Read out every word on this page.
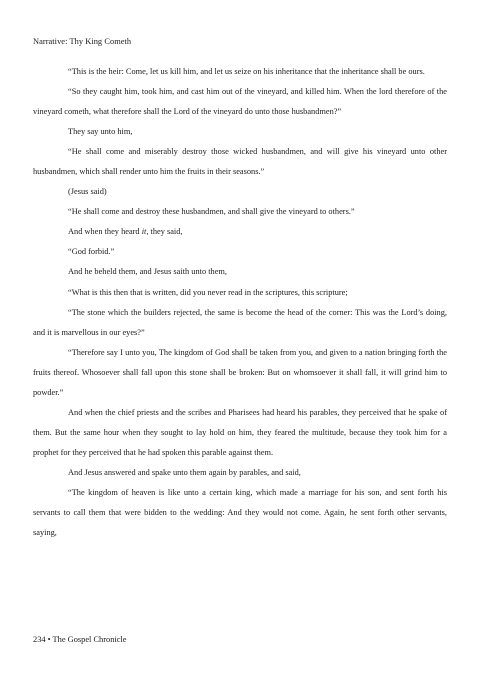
Narrative: Thy King Cometh

“This is the heir: Come, let us kill him, and let us seize on his inheritance that the inheritance shall be ours.

“So they caught him, took him, and cast him out of the vineyard, and killed him. When the lord therefore of the vineyard cometh, what therefore shall the Lord of the vineyard do unto those husbandmen?”

They say unto him,

“He shall come and miserably destroy those wicked husbandmen, and will give his vineyard unto other husbandmen, which shall render unto him the fruits in their seasons.”

(Jesus said)

“He shall come and destroy these husbandmen, and shall give the vineyard to others.”

And when they heard it, they said,

“God forbid.”

And he beheld them, and Jesus saith unto them,

“What is this then that is written, did you never read in the scriptures, this scripture;

“The stone which the builders rejected, the same is become the head of the corner: This was the Lord’s doing, and it is marvellous in our eyes?”

“Therefore say I unto you, The kingdom of God shall be taken from you, and given to a nation bringing forth the fruits thereof. Whosoever shall fall upon this stone shall be broken: But on whomsoever it shall fall, it will grind him to powder.”

And when the chief priests and the scribes and Pharisees had heard his parables, they perceived that he spake of them. But the same hour when they sought to lay hold on him, they feared the multitude, because they took him for a prophet for they perceived that he had spoken this parable against them.

And Jesus answered and spake unto them again by parables, and said,

“The kingdom of heaven is like unto a certain king, which made a marriage for his son, and sent forth his servants to call them that were bidden to the wedding: And they would not come. Again, he sent forth other servants, saying,

234 • The Gospel Chronicle
